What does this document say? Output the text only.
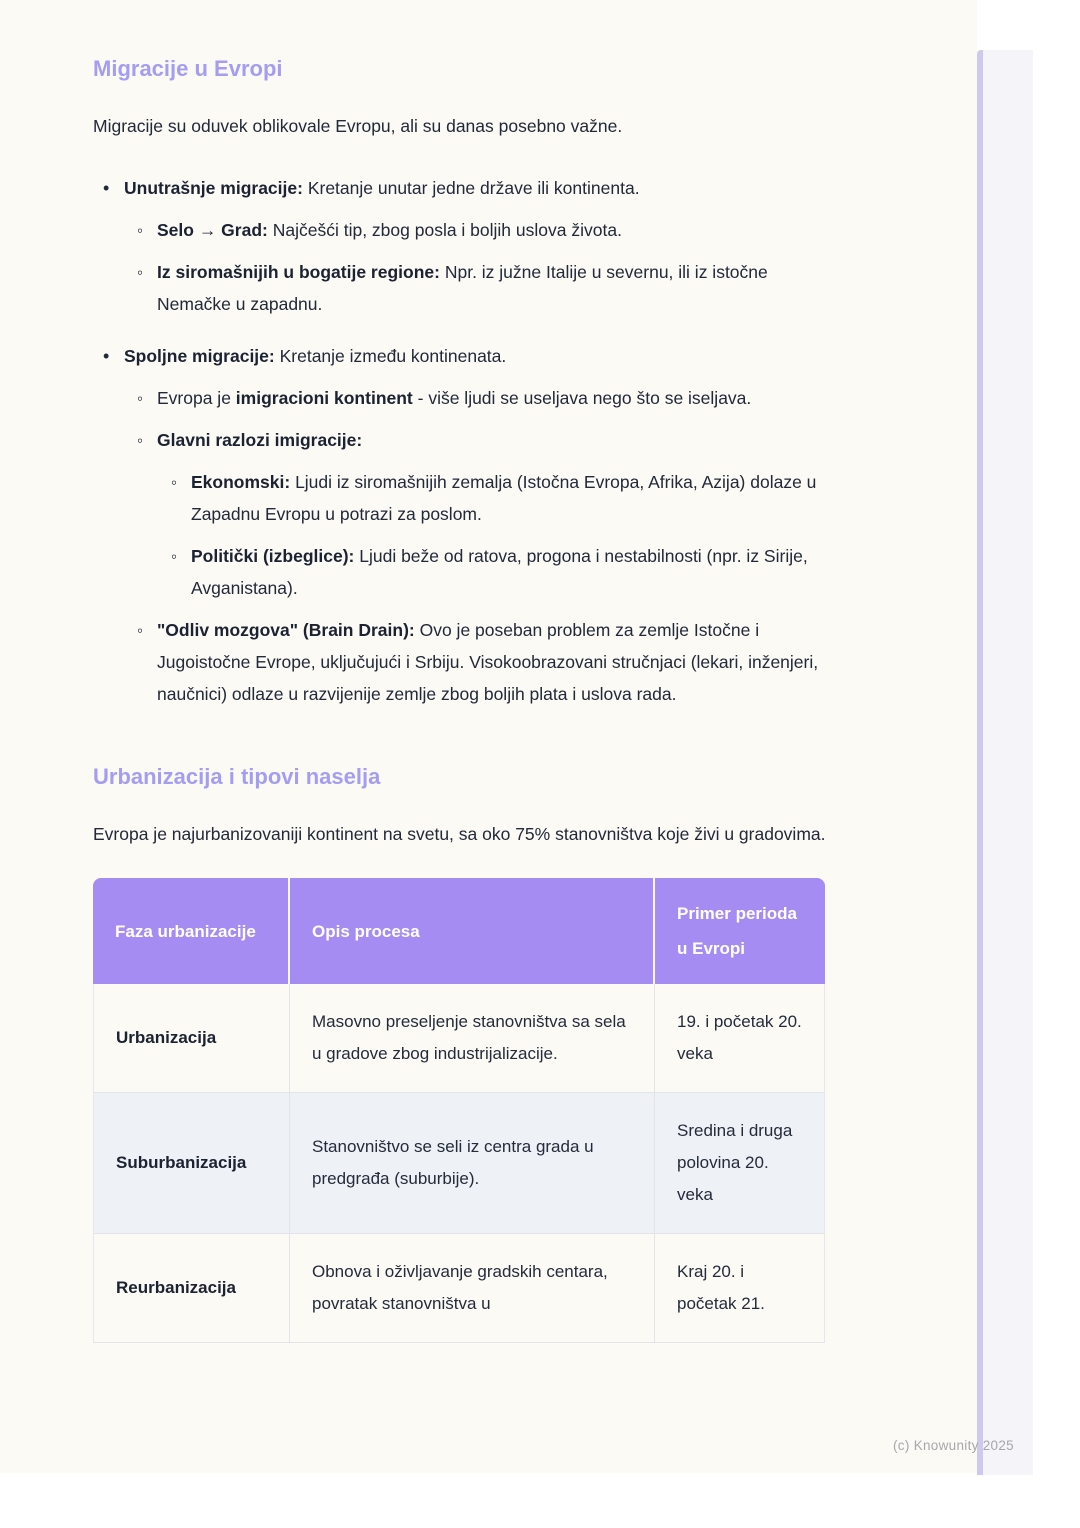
Migracije u Evropi

Migracije su oduvek oblikovale Evropu, ali su danas posebno važne.

•
Unutrašnje migracije: Kretanje unutar jedne države ili kontinenta.
◦
Selo → Grad: Najčešći tip, zbog posla i boljih uslova života.
◦
Iz siromašnijih u bogatije regione: Npr. iz južne Italije u severnu, ili iz istočne Nemačke u zapadnu.
•
Spoljne migracije: Kretanje između kontinenata.
◦
Evropa je imigracioni kontinent - više ljudi se useljava nego što se iseljava.
◦
Glavni razlozi imigracije:
◦
Ekonomski: Ljudi iz siromašnijih zemalja (Istočna Evropa, Afrika, Azija) dolaze u Zapadnu Evropu u potrazi za poslom.
◦
Politički (izbeglice): Ljudi beže od ratova, progona i nestabilnosti (npr. iz Sirije, Avganistana).
◦
"Odliv mozgova" (Brain Drain): Ovo je poseban problem za zemlje Istočne i Jugoistočne Evrope, uključujući i Srbiju. Visokoobrazovani stručnjaci (lekari, inženjeri, naučnici) odlaze u razvijenije zemlje zbog boljih plata i uslova rada.
Urbanizacija i tipovi naselja

Evropa je najurbanizovaniji kontinent na svetu, sa oko 75% stanovništva koje živi u gradovima.

Faza urbanizacije	Opis procesa	Primer perioda u Evropi
Urbanizacija	Masovno preseljenje stanovništva sa sela u gradove zbog industrijalizacije.	19. i početak 20. veka
Suburbanizacija	Stanovništvo se seli iz centra grada u predgrađa (suburbije).	Sredina i druga polovina 20. veka
Reurbanizacija	Obnova i oživljavanje gradskih centara, povratak stanovništva u	Kraj 20. i početak 21.
(c) Knowunity 2025
